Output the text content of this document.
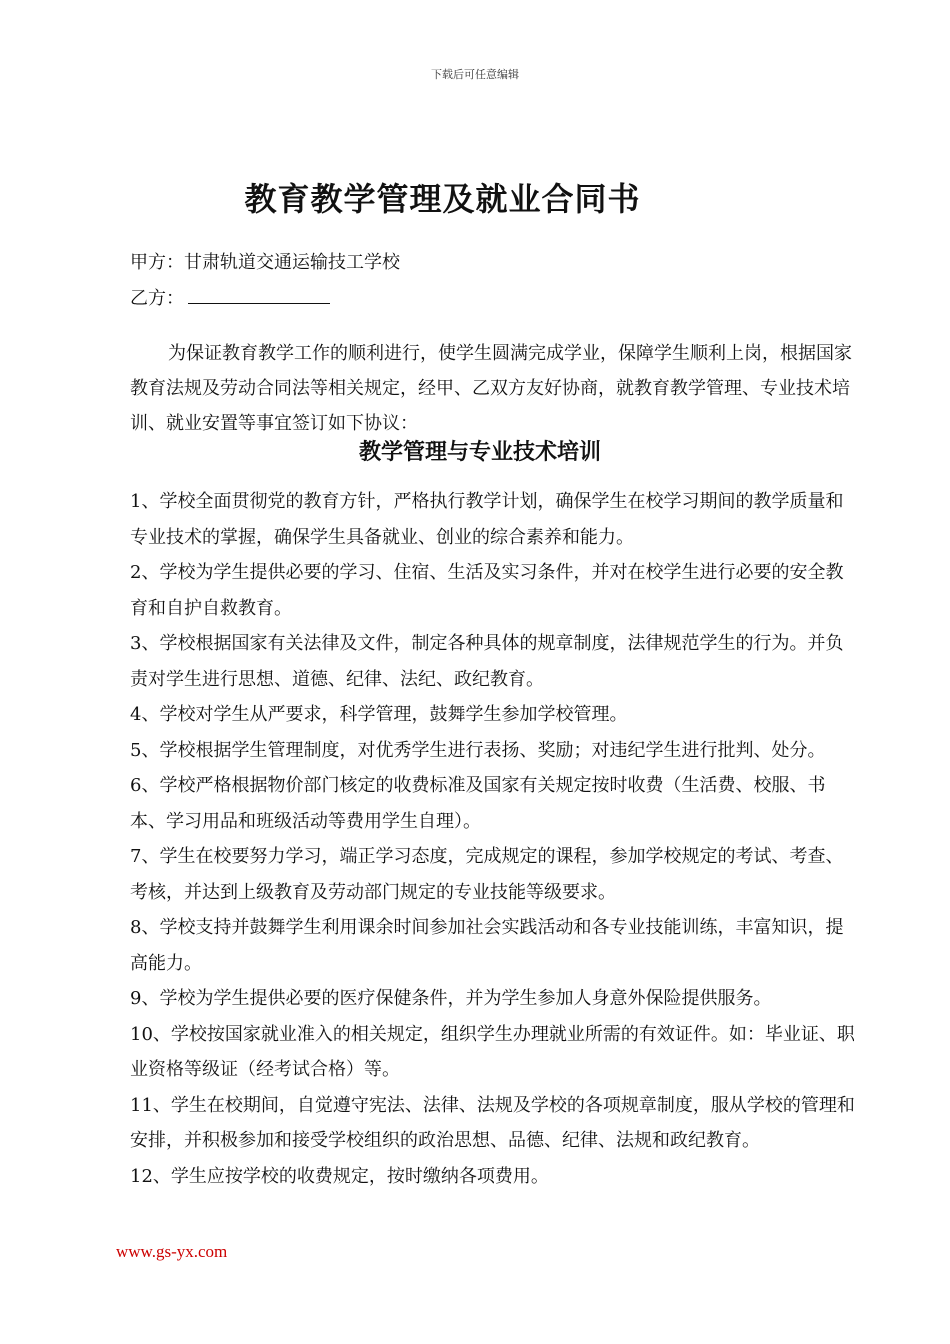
下载后可任意编辑
教育教学管理及就业合同书
甲方：甘肃轨道交通运输技工学校
乙方：

为保证教育教学工作的顺利进行，使学生圆满完成学业，保障学生顺利上岗，根据国家教育法规及劳动合同法等相关规定，经甲、乙双方友好协商，就教育教学管理、专业技术培训、就业安置等事宜签订如下协议：

教学管理与专业技术培训
1、学校全面贯彻党的教育方针，严格执行教学计划，确保学生在校学习期间的教学质量和专业技术的掌握，确保学生具备就业、创业的综合素养和能力。
2、学校为学生提供必要的学习、住宿、生活及实习条件，并对在校学生进行必要的安全教育和自护自救教育。
3、学校根据国家有关法律及文件，制定各种具体的规章制度，法律规范学生的行为。并负责对学生进行思想、道德、纪律、法纪、政纪教育。
4、学校对学生从严要求，科学管理，鼓舞学生参加学校管理。
5、学校根据学生管理制度，对优秀学生进行表扬、奖励；对违纪学生进行批判、处分。
6、学校严格根据物价部门核定的收费标准及国家有关规定按时收费（生活费、校服、书本、学习用品和班级活动等费用学生自理）。
7、学生在校要努力学习，端正学习态度，完成规定的课程，参加学校规定的考试、考查、考核，并达到上级教育及劳动部门规定的专业技能等级要求。
8、学校支持并鼓舞学生利用课余时间参加社会实践活动和各专业技能训练，丰富知识，提高能力。
9、学校为学生提供必要的医疗保健条件，并为学生参加人身意外保险提供服务。
10、学校按国家就业准入的相关规定，组织学生办理就业所需的有效证件。如：毕业证、职业资格等级证（经考试合格）等。
11、学生在校期间，自觉遵守宪法、法律、法规及学校的各项规章制度，服从学校的管理和安排，并积极参加和接受学校组织的政治思想、品德、纪律、法规和政纪教育。
12、学生应按学校的收费规定，按时缴纳各项费用。
www.gs-yx.com
